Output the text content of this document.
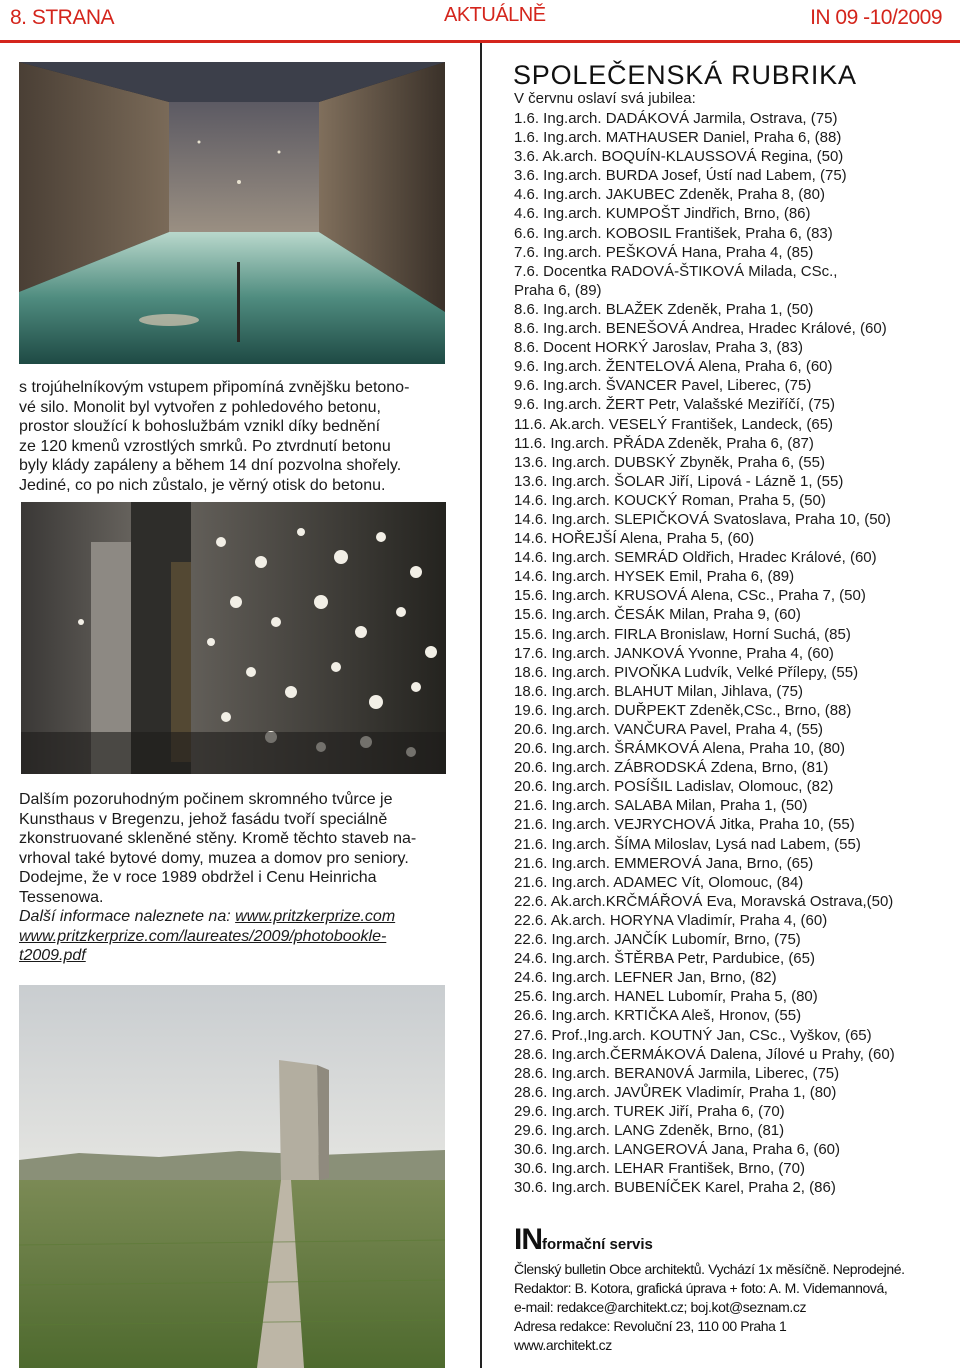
8. STRANA	AKTUÁLNĚ	IN 09 -10/2009

s trojúhelníkovým vstupem připomíná zvnějšku betono-

vé silo. Monolit byl vytvořen z pohledového betonu,

prostor sloužící k bohoslužbám vznikl díky bednění

ze 120 kmenů vzrostlých smrků. Po ztvrdnutí betonu

byly klády zapáleny a během 14 dní pozvolna shořely.

Jediné, co po nich zůstalo, je věrný otisk do betonu.

Dalším pozoruhodným počinem skromného tvůrce je

Kunsthaus v Bregenzu, jehož fasádu tvoří speciálně

zkonstruované skleněné stěny. Kromě těchto staveb na-

vrhoval také bytové domy, muzea a domov pro seniory.

Dodejme, že v roce 1989 obdržel i Cenu Heinricha

Tessenowa.

Další informace naleznete na: www.pritzkerprize.com

www.pritzkerprize.com/laureates/2009/photobookle-

t2009.pdf

SPOLEČENSKÁ RUBRIKA
V červnu oslaví svá jubilea:
1.6. Ing.arch. DADÁKOVÁ Jarmila, Ostrava, (75)
1.6. Ing.arch. MATHAUSER Daniel, Praha 6, (88)
3.6. Ak.arch. BOQUÍN-KLAUSSOVÁ Regina, (50)
3.6. Ing.arch. BURDA Josef, Ústí nad Labem, (75)
4.6. Ing.arch. JAKUBEC Zdeněk, Praha 8, (80)
4.6. Ing.arch. KUMPOŠT Jindřich, Brno, (86)
6.6. Ing.arch. KOBOSIL František, Praha 6, (83)
7.6. Ing.arch. PEŠKOVÁ Hana, Praha 4, (85)
7.6. Docentka RADOVÁ-ŠTIKOVÁ Milada, CSc.,
Praha 6, (89)
8.6. Ing.arch. BLAŽEK Zdeněk, Praha 1, (50)
8.6. Ing.arch. BENEŠOVÁ Andrea, Hradec Králové, (60)
8.6. Docent HORKÝ Jaroslav, Praha 3, (83)
9.6. Ing.arch. ŽENTELOVÁ Alena, Praha 6, (60)
9.6. Ing.arch. ŠVANCER Pavel, Liberec, (75)
9.6. Ing.arch. ŽERT Petr, Valašské Meziříčí, (75)
11.6. Ak.arch. VESELÝ František, Landeck, (65)
11.6. Ing.arch. PŘÁDA Zdeněk, Praha 6, (87)
13.6. Ing.arch. DUBSKÝ Zbyněk, Praha 6, (55)
13.6. Ing.arch. ŠOLAR Jiří, Lipová - Lázně 1, (55)
14.6. Ing.arch. KOUCKÝ Roman, Praha 5, (50)
14.6. Ing.arch. SLEPIČKOVÁ Svatoslava, Praha 10, (50)
14.6. HOŘEJŠÍ Alena, Praha 5, (60)
14.6. Ing.arch. SEMRÁD Oldřich, Hradec Králové, (60)
14.6. Ing.arch. HYSEK Emil, Praha 6, (89)
15.6. Ing.arch. KRUSOVÁ Alena, CSc., Praha 7, (50)
15.6. Ing.arch. ČESÁK Milan, Praha 9, (60)
15.6. Ing.arch. FIRLA Bronislaw, Horní Suchá, (85)
17.6. Ing.arch. JANKOVÁ Yvonne, Praha 4, (60)
18.6. Ing.arch. PIVOŇKA Ludvík, Velké Přílepy, (55)
18.6. Ing.arch. BLAHUT Milan, Jihlava, (75)
19.6. Ing.arch. DUŘPEKT Zdeněk,CSc., Brno, (88)
20.6. Ing.arch. VANČURA Pavel, Praha 4, (55)
20.6. Ing.arch. ŠRÁMKOVÁ Alena, Praha 10, (80)
20.6. Ing.arch. ZÁBRODSKÁ Zdena, Brno, (81)
20.6. Ing.arch. POSÍŠIL Ladislav, Olomouc, (82)
21.6. Ing.arch. SALABA Milan, Praha 1, (50)
21.6. Ing.arch. VEJRYCHOVÁ Jitka, Praha 10, (55)
21.6. Ing.arch. ŠÍMA Miloslav, Lysá nad Labem, (55)
21.6. Ing.arch. EMMEROVÁ Jana, Brno, (65)
21.6. Ing.arch. ADAMEC Vít, Olomouc, (84)
22.6. Ak.arch.KRČMÁŘOVÁ Eva, Moravská Ostrava,(50)
22.6. Ak.arch. HORYNA Vladimír, Praha 4, (60)
22.6. Ing.arch. JANČÍK Lubomír, Brno, (75)
24.6. Ing.arch. ŠTĚRBA Petr, Pardubice, (65)
24.6. Ing.arch. LEFNER Jan, Brno, (82)
25.6. Ing.arch. HANEL Lubomír, Praha 5, (80)
26.6. Ing.arch. KRTIČKA Aleš, Hronov, (55)
27.6. Prof.,Ing.arch. KOUTNÝ Jan, CSc., Vyškov, (65)
28.6. Ing.arch.ČERMÁKOVÁ Dalena, Jílové u Prahy, (60)
28.6. Ing.arch. BERAN0VÁ Jarmila, Liberec, (75)
28.6. Ing.arch. JAVŮREK Vladimír, Praha 1, (80)
29.6. Ing.arch. TUREK Jiří, Praha 6, (70)
29.6. Ing.arch. LANG Zdeněk, Brno, (81)
30.6. Ing.arch. LANGEROVÁ Jana, Praha 6, (60)
30.6. Ing.arch. LEHAR František, Brno, (70)
30.6. Ing.arch. BUBENÍČEK Karel, Praha 2, (86)
INformační servis
Členský bulletin Obce architektů. Vychází 1x měsíčně. Neprodejné.
Redaktor: B. Kotora, grafická úprava + foto: A. M. Videmannová,
e-mail: redakce@architekt.cz; boj.kot@seznam.cz
Adresa redakce: Revoluční 23, 110 00 Praha 1
www.architekt.cz
